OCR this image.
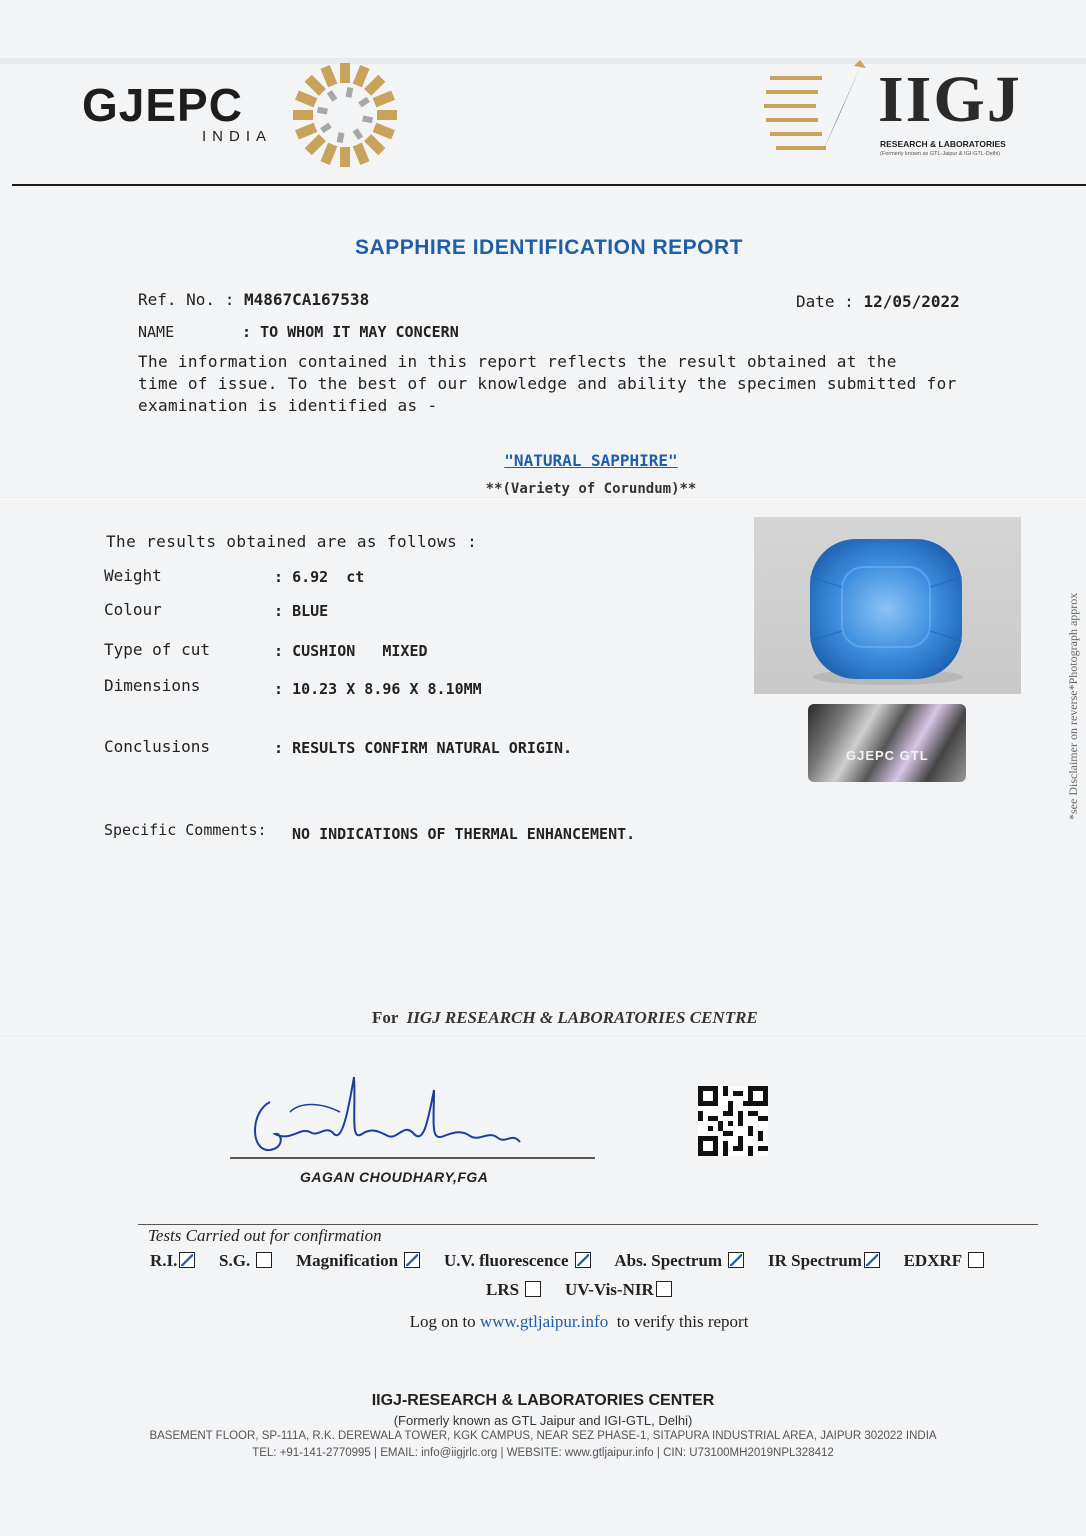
GJEPC
INDIA
IIGJ
RESEARCH & LABORATORIES
(Formerly known as GTL-Jaipur & IGI-GTL-Delhi)
SAPPHIRE IDENTIFICATION REPORT
Ref. No. : M4867CA167538	Date : 12/05/2022
NAME	: TO WHOM IT MAY CONCERN
The information contained in this report reflects the result obtained at the
time of issue. To the best of our knowledge and ability the specimen submitted for
examination is identified as -
"NATURAL SAPPHIRE"
**(Variety of Corundum)**
The results obtained are as follows :
Weight	: 6.92  ct
Colour	: BLUE
Type of cut	: CUSHION   MIXED
Dimensions	: 10.23 X 8.96 X 8.10MM
Conclusions	: RESULTS CONFIRM NATURAL ORIGIN.
Specific Comments: NO INDICATIONS OF THERMAL ENHANCEMENT.
GJEPC GTL	*see Disclaimer on reverse*Photograph approx
For IIGJ RESEARCH & LABORATORIES CENTRE
GAGAN CHOUDHARY,FGA
Tests Carried out for confirmation
R.I. S.G.	Magnification	U.V. fluorescence	Abs. Spectrum	IR Spectrum EDXRF
LRS	UV-Vis-NIR
Log on to www.gtljaipur.info to verify this report
IIGJ-RESEARCH & LABORATORIES CENTER
(Formerly known as GTL Jaipur and IGI-GTL, Delhi)
BASEMENT FLOOR, SP-111A, R.K. DEREWALA TOWER, KGK CAMPUS, NEAR SEZ PHASE-1, SITAPURA INDUSTRIAL AREA, JAIPUR 302022 INDIA
TEL: +91-141-2770995 | EMAIL: info@iigjrlc.org | WEBSITE: www.gtljaipur.info | CIN: U73100MH2019NPL328412
